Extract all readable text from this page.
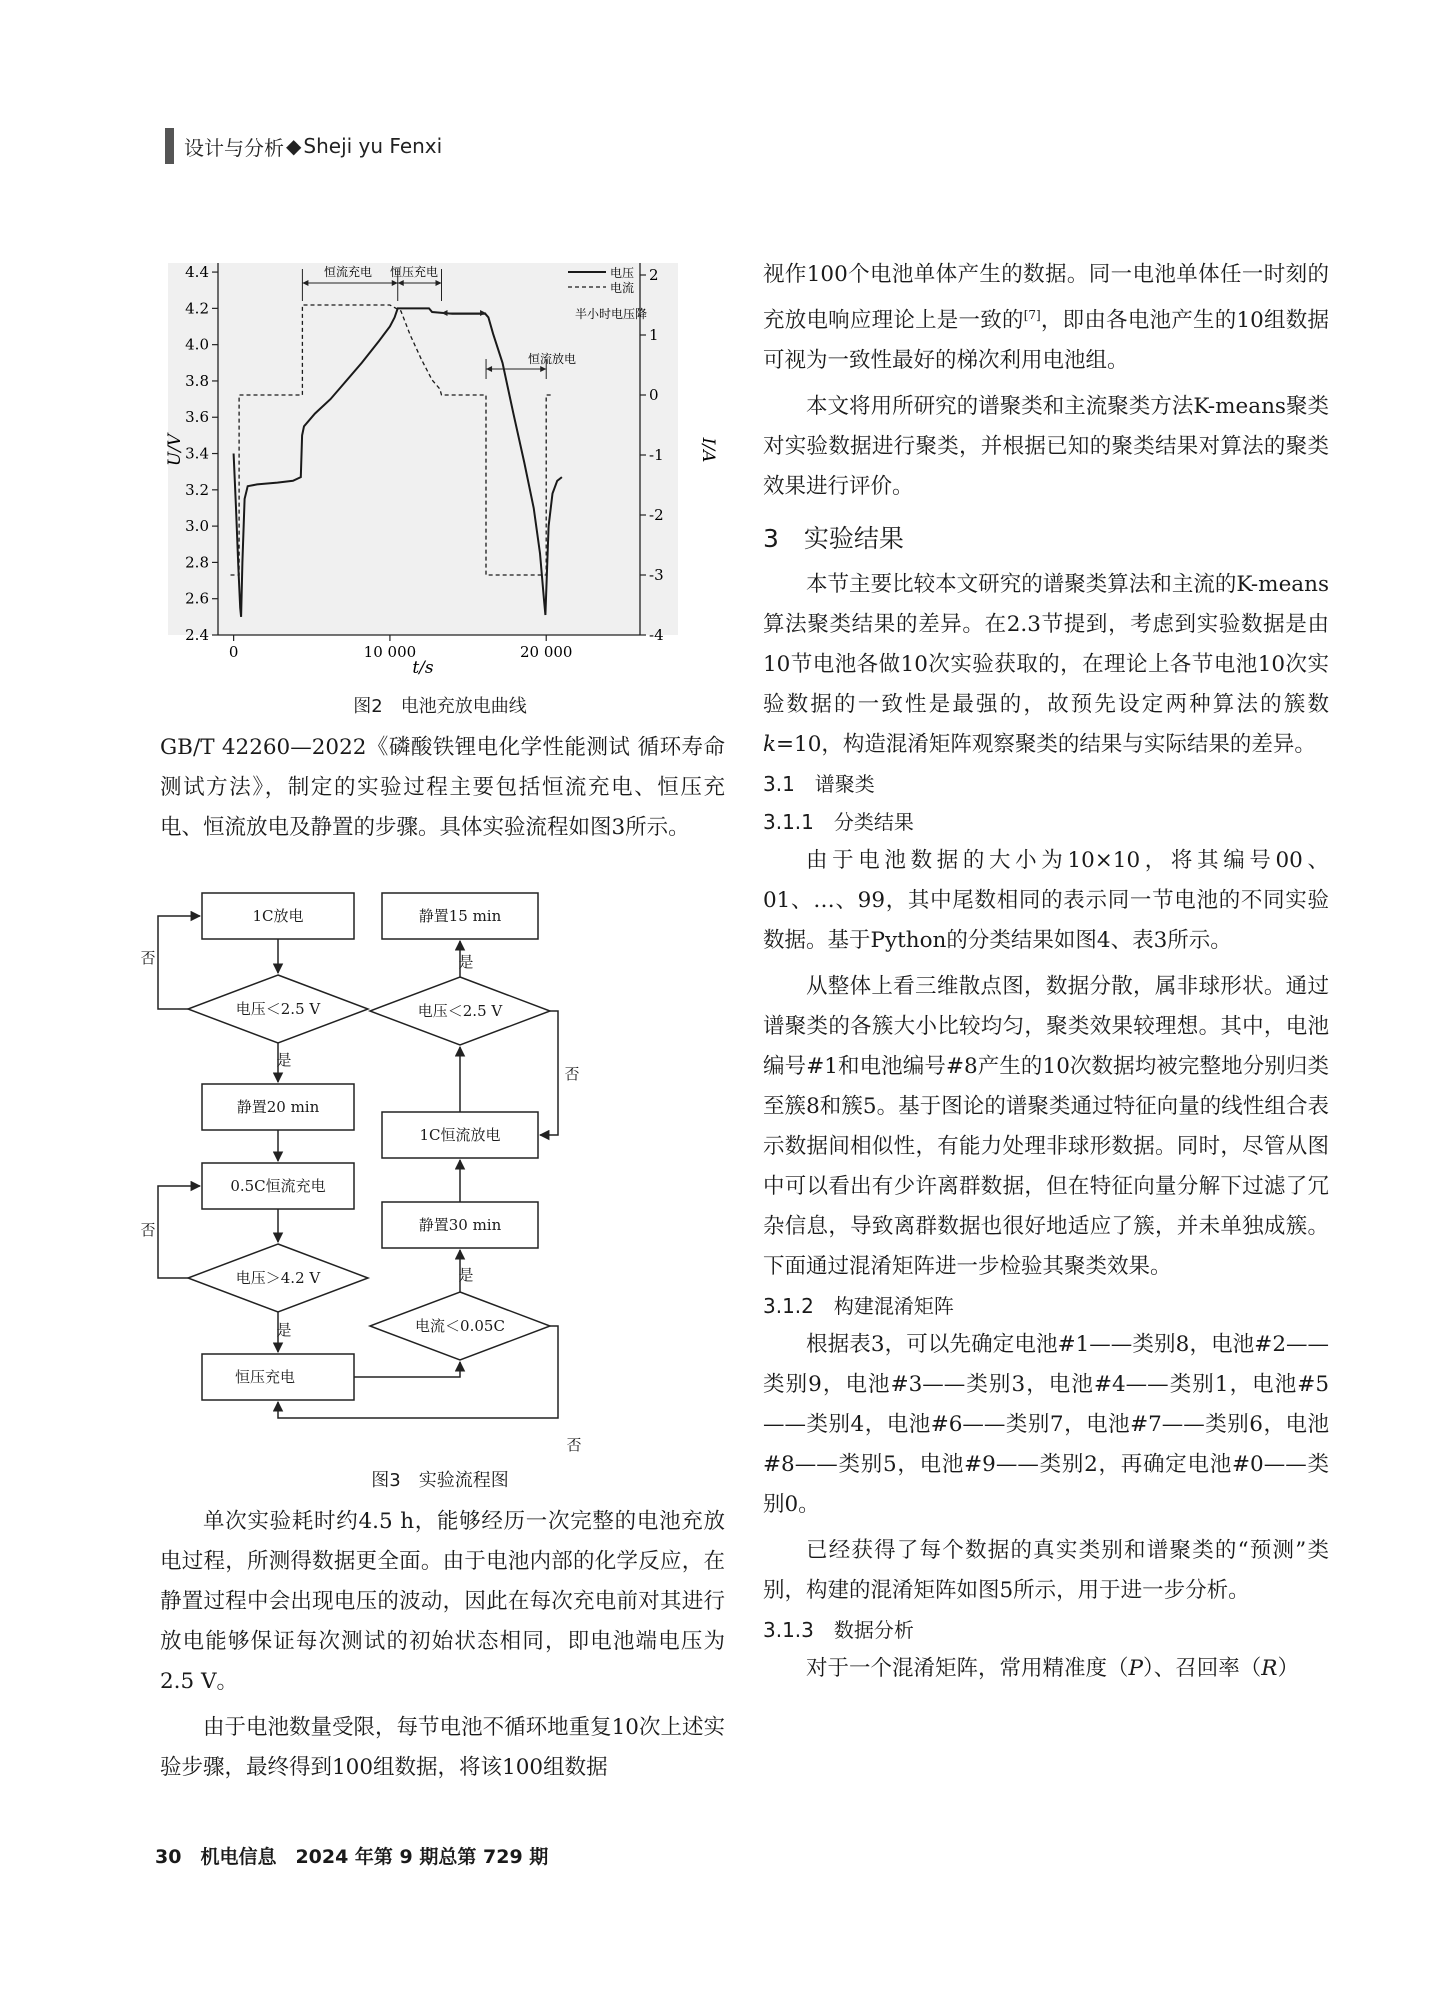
设计与分析 ◆ Sheji yu Fenxi
2.4
2.6
2.8
3.0
3.2
3.4
3.6
3.8
4.0
4.2
4.4
-4
-3
-2
-1
0
1
2
0	10 000	20 000
恒流充电 恒压充电
恒流放电
半小时电压降
电压
电流
U/V	I/A
t/s
图2　电池充放电曲线

GB/T 42260—2022《磷酸铁锂电化学性能测试 循环寿命测试方法》，制定的实验过程主要包括恒流充电、恒压充电、恒流放电及静置的步骤。具体实验流程如图3所示。

1C放电
电压＜2.5 V
静置20 min
0.5C恒流充电
电压＞4.2 V
恒压充电
电流＜0.05C
静置30 min
1C恒流放电
电压＜2.5 V
静置15 min
是
否
否
是
是
是
否
否
图3　实验流程图

单次实验耗时约4.5 h，能够经历一次完整的电池充放电过程，所测得数据更全面。由于电池内部的化学反应，在静置过程中会出现电压的波动，因此在每次充电前对其进行放电能够保证每次测试的初始状态相同，即电池端电压为2.5 V。

由于电池数量受限，每节电池不循环地重复10次上述实验步骤，最终得到100组数据，将该100组数据

视作100个电池单体产生的数据。同一电池单体任一时刻的充放电响应理论上是一致的[7]，即由各电池产生的10组数据可视为一致性最好的梯次利用电池组。

本文将用所研究的谱聚类和主流聚类方法K-means聚类对实验数据进行聚类，并根据已知的聚类结果对算法的聚类效果进行评价。

3　实验结果

本节主要比较本文研究的谱聚类算法和主流的K-means算法聚类结果的差异。在2.3节提到，考虑到实验数据是由10节电池各做10次实验获取的，在理论上各节电池10次实验数据的一致性是最强的，故预先设定两种算法的簇数k=10，构造混淆矩阵观察聚类的结果与实际结果的差异。

3.1　谱聚类
3.1.1　分类结果

由于电池数据的大小为10×10，将其编号00、01、…、99，其中尾数相同的表示同一节电池的不同实验数据。基于Python的分类结果如图4、表3所示。

从整体上看三维散点图，数据分散，属非球形状。通过谱聚类的各簇大小比较均匀，聚类效果较理想。其中，电池编号#1和电池编号#8产生的10次数据均被完整地分别归类至簇8和簇5。基于图论的谱聚类通过特征向量的线性组合表示数据间相似性，有能力处理非球形数据。同时，尽管从图中可以看出有少许离群数据，但在特征向量分解下过滤了冗杂信息，导致离群数据也很好地适应了簇，并未单独成簇。下面通过混淆矩阵进一步检验其聚类效果。

3.1.2　构建混淆矩阵

根据表3，可以先确定电池#1——类别8，电池#2——类别9，电池#3——类别3，电池#4——类别1，电池#5——类别4，电池#6——类别7，电池#7——类别6，电池#8——类别5，电池#9——类别2，再确定电池#0——类别0。

已经获得了每个数据的真实类别和谱聚类的“预测”类别，构建的混淆矩阵如图5所示，用于进一步分析。

3.1.3　数据分析

对于一个混淆矩阵，常用精准度（P）、召回率（R）

30　机电信息　2024 年第 9 期总第 729 期
